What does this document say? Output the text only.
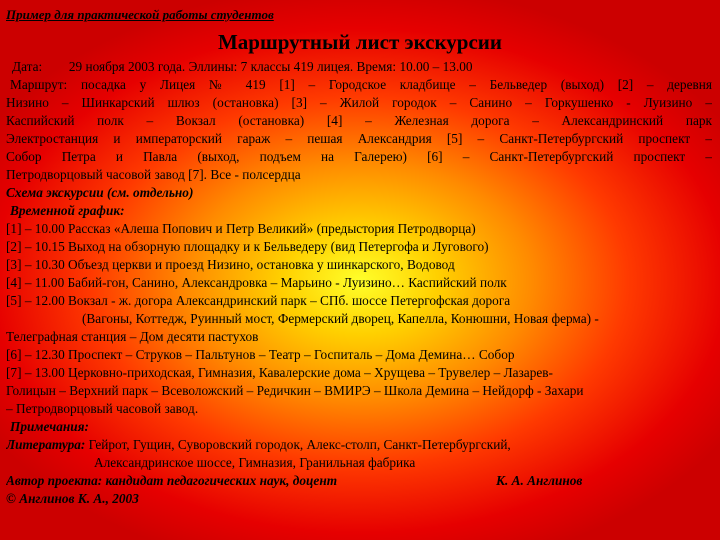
Пример для практической работы студентов
Маршрутный лист экскурсии
Дата: 29 ноября 2003 года. Эллины: 7 классы 419 лицея. Время: 10.00 – 13.00
Маршрут: посадка у Лицея № 419 [1] – Городское кладбище – Бельведер (выход) [2] – деревня
Низино – Шинкарский шлюз (остановка) [3] – Жилой городок – Санино – Горкушенко - Луизино –
Каспийский полк – Вокзал (остановка) [4] – Железная дорога – Александринский парк
Электростанция и императорский гараж – пешая Александрия [5] – Санкт-Петербургский проспект –
Собор Петра и Павла (выход, подъем на Галерею) [6] – Санкт-Петербургский проспект –
Петродворцовый часовой завод [7]. Все - полсердца
Схема экскурсии (см. отдельно)
Временной график:
[1] – 10.00 Рассказ «Алеша Попович и Петр Великий» (предыстория Петродворца)
[2] – 10.15 Выход на обзорную площадку и к Бельведеру (вид Петергофа и Лугового)
[3] – 10.30 Объезд церкви и проезд Низино, остановка у шинкарского, Водовод
[4] – 11.00 Бабий-гон, Санино, Александровка – Марьино - Луизино… Каспийский полк
[5] – 12.00 Вокзал - ж. догора Александринский парк – СПб. шоссе Петергофская дорога
(Вагоны, Коттедж, Руинный мост, Фермерский дворец, Капелла, Конюшни, Новая ферма) -
Телеграфная станция – Дом десяти пастухов
[6] – 12.30 Проспект – Струков – Пальтунов – Театр – Госпиталь – Дома Демина… Собор
[7] – 13.00 Церковно-приходская, Гимназия, Кавалерские дома – Хрущева – Трувелер – Лазарев-
Голицын – Верхний парк – Всеволожский – Редичкин – ВМИРЭ – Школа Демина – Нейдорф - Захари
– Петродворцовый часовой завод.
Примечания:
Литература: Гейрот, Гущин, Суворовский городок, Алекс-столп, Санкт-Петербургский,
Александринское шоссе, Гимназия, Гранильная фабрика
Автор проекта: кандидат педагогических наук, доцент	К. А. Англинов
© Англинов К. А., 2003
